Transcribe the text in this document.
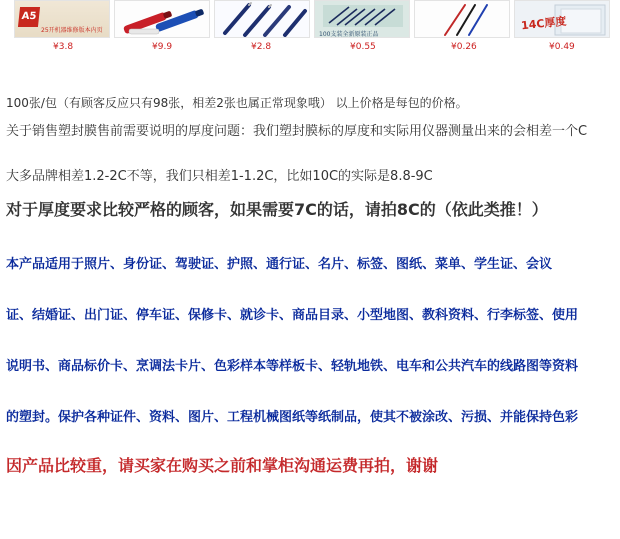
A5
25开机器维修版本内页
100支装全新原装正品
14C厚度
¥3.8	¥9.9	¥2.8	¥0.55	¥0.26	¥0.49
100张/包（有顾客反应只有98张，相差2张也属正常现象哦） 以上价格是每包的价格。
关于销售塑封膜售前需要说明的厚度问题：我们塑封膜标的厚度和实际用仪器测量出来的会相差一个C
大多品牌相差1.2-2C不等，我们只相差1-1.2C，比如10C的实际是8.8-9C
对于厚度要求比较严格的顾客，如果需要7C的话，请拍8C的（依此类推！）
本产品适用于照片、身份证、驾驶证、护照、通行证、名片、标签、图纸、菜单、学生证、会议
证、结婚证、出门证、停车证、保修卡、就诊卡、商品目录、小型地图、教科资料、行李标签、使用
说明书、商品标价卡、烹调法卡片、色彩样本等样板卡、轻轨地铁、电车和公共汽车的线路图等资料
的塑封。保护各种证件、资料、图片、工程机械图纸等纸制品，使其不被涂改、污损、并能保持色彩
因产品比较重，请买家在购买之前和掌柜沟通运费再拍，谢谢
